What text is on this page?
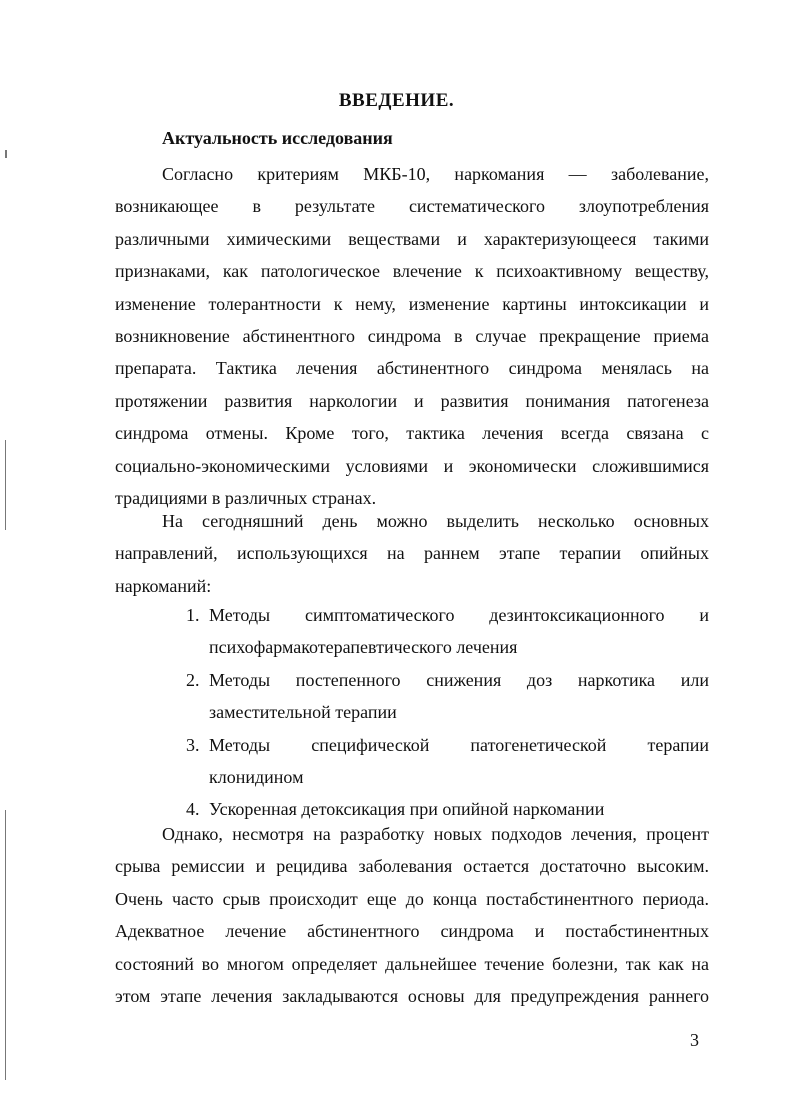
ВВЕДЕНИЕ.
Актуальность исследования
Согласно критериям МКБ-10, наркомания — заболевание,
возникающее в результате систематического злоупотребления
различными химическими веществами и характеризующееся такими
признаками, как патологическое влечение к психоактивному веществу,
изменение толерантности к нему, изменение картины интоксикации и
возникновение абстинентного синдрома в случае прекращение приема
препарата. Тактика лечения абстинентного синдрома менялась на
протяжении развития наркологии и развития понимания патогенеза
синдрома отмены. Кроме того, тактика лечения всегда связана с
социально-экономическими условиями и экономически сложившимися
традициями в различных странах.
На сегодняшний день можно выделить несколько основных
направлений, использующихся на раннем этапе терапии опийных
наркоманий:
1. Методы симптоматического дезинтоксикационного и
психофармакотерапевтического лечения
2. Методы постепенного снижения доз наркотика или
заместительной терапии
3. Методы специфической патогенетической терапии
клонидином
4. Ускоренная детоксикация при опийной наркомании
Однако, несмотря на разработку новых подходов лечения, процент
срыва ремиссии и рецидива заболевания остается достаточно высоким.
Очень часто срыв происходит еще до конца постабстинентного периода.
Адекватное лечение абстинентного синдрома и постабстинентных
состояний во многом определяет дальнейшее течение болезни, так как на
этом этапе лечения закладываются основы для предупреждения раннего
3
